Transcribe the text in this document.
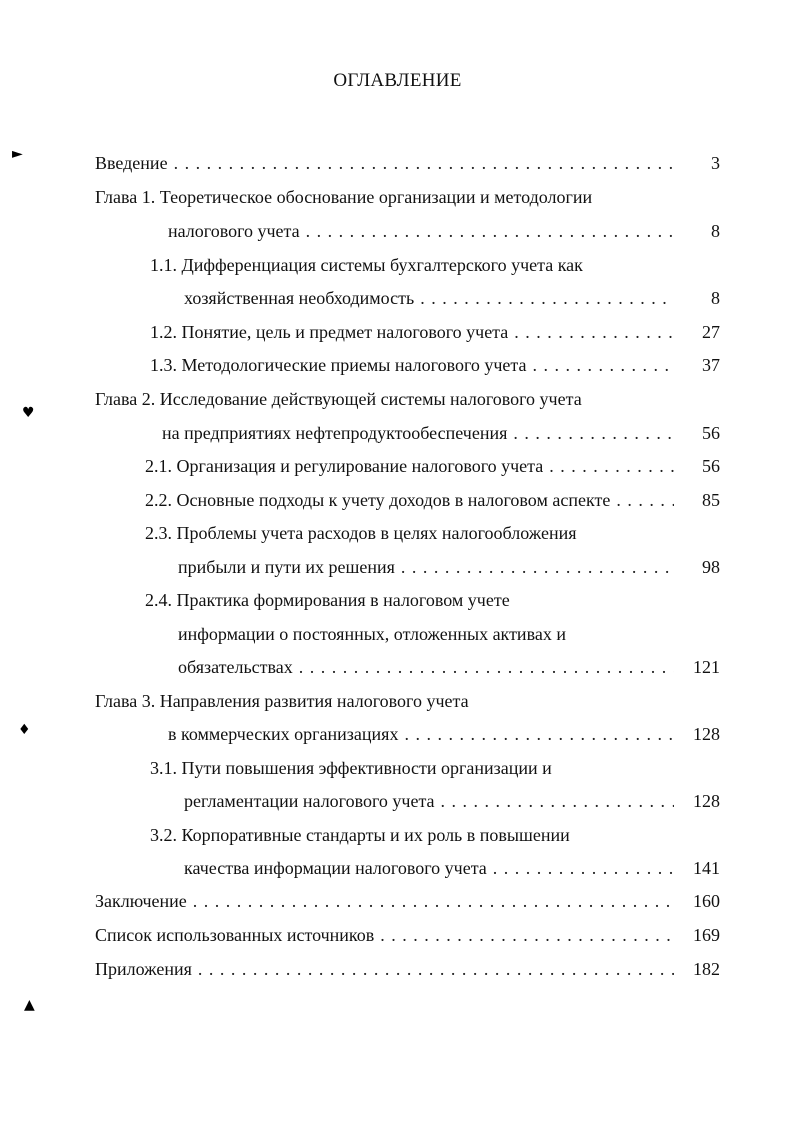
ОГЛАВЛЕНИЕ
Введение . . .	3
Глава 1. Теоретическое обоснование организации и методологии
налогового учета . . .	8
1.1. Дифференциация системы бухгалтерского учета как
хозяйственная необходимость . . .	8
1.2. Понятие, цель и предмет налогового учета . . .	27
1.3. Методологические приемы налогового учета . . .	37
Глава 2. Исследование действующей системы налогового учета
на предприятиях нефтепродуктообеспечения . . .	56
2.1. Организация и регулирование налогового учета . . .	56
2.2. Основные подходы к учету доходов в налоговом аспекте . . .	85
2.3. Проблемы учета расходов в целях налогообложения
прибыли и пути их решения . . .	98
2.4. Практика формирования в налоговом учете
информации о постоянных, отложенных активах и
обязательствах . . .	121
Глава 3. Направления развития налогового учета
в коммерческих организациях . . .	128
3.1. Пути повышения эффективности организации и
регламентации налогового учета . . .	128
3.2. Корпоративные стандарты и их роль в повышении
качества информации налогового учета . . .	141
Заключение . . .	160
Список использованных источников . . .	169
Приложения . . .	182
►
♥
♦
▲
